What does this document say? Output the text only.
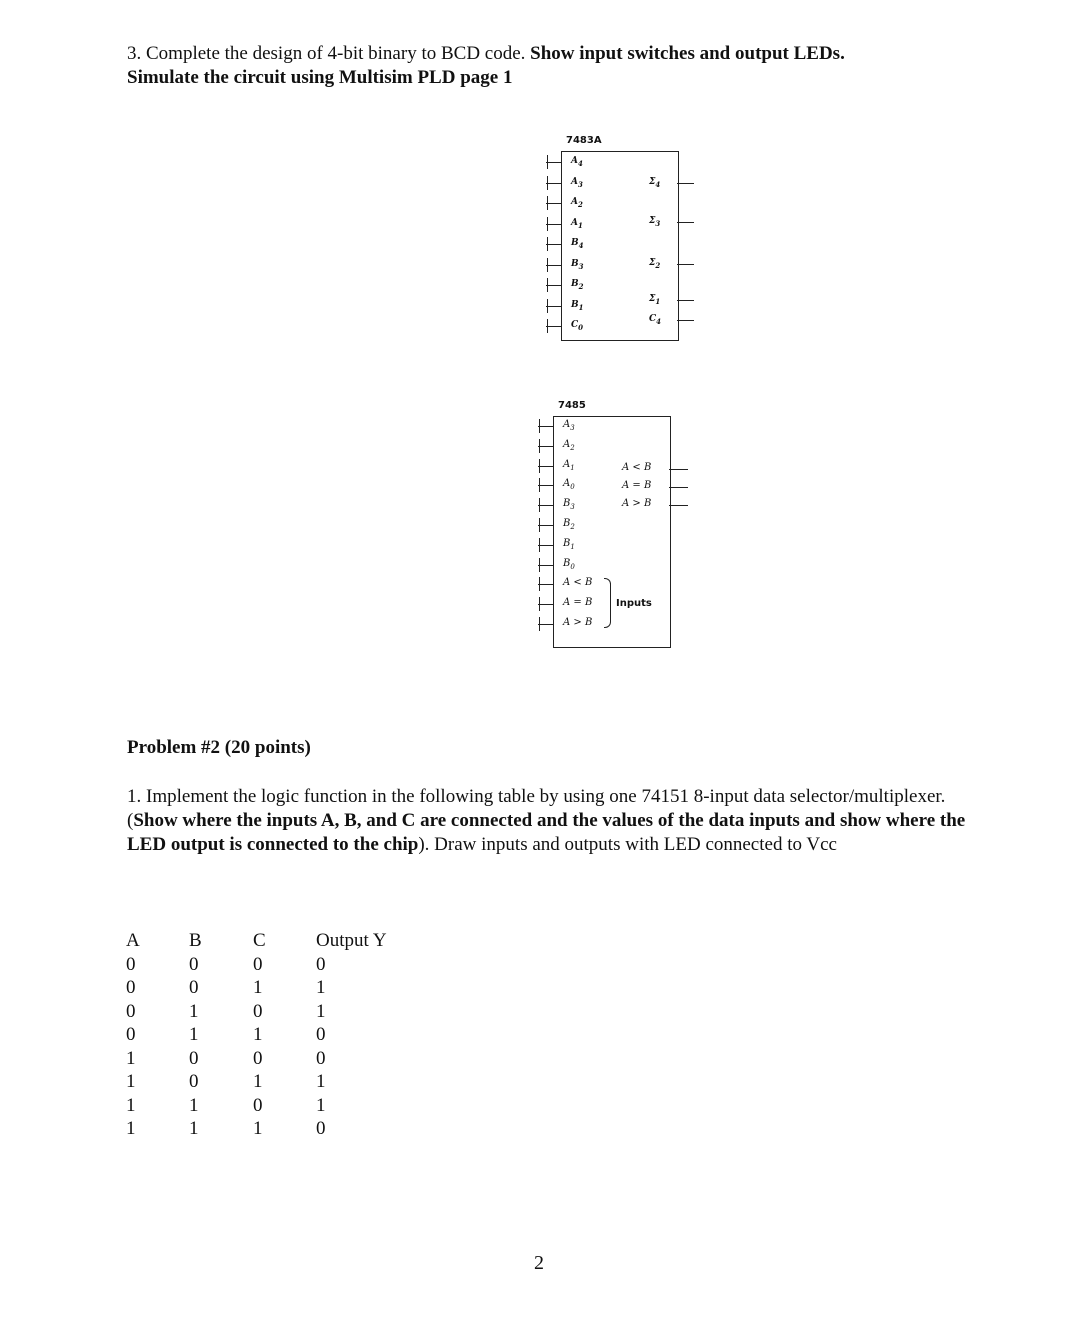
3. Complete the design of 4-bit binary to BCD code. Show input switches and output LEDs.
Simulate the circuit using Multisim PLD page 1

7483A
$A_4$
$A_3$
$A_2$
$A_1$
$B_4$
$B_3$
$B_2$
$B_1$
$C_0$
$\Sigma_4$
$\Sigma_3$
$\Sigma_2$
$\Sigma_1$
$C_4$
7485
$A_3$
$A_2$
$A_1$
$A_0$
$B_3$
$B_2$
$B_1$
$B_0$
A < B
A = B
A > B
A < B
A = B
A > B
Inputs

Problem #2 (20 points)

1. Implement the logic function in the following table by using one 74151 8-input data selector/multiplexer. (Show where the inputs A, B, and C are connected and the values of the data inputs and show where the LED output is connected to the chip). Draw inputs and outputs with LED connected to Vcc

A	B	C	Output Y
0	0	0	0
0	0	1	1
0	1	0	1
0	1	1	0
1	0	0	0
1	0	1	1
1	1	0	1
1	1	1	0
2
